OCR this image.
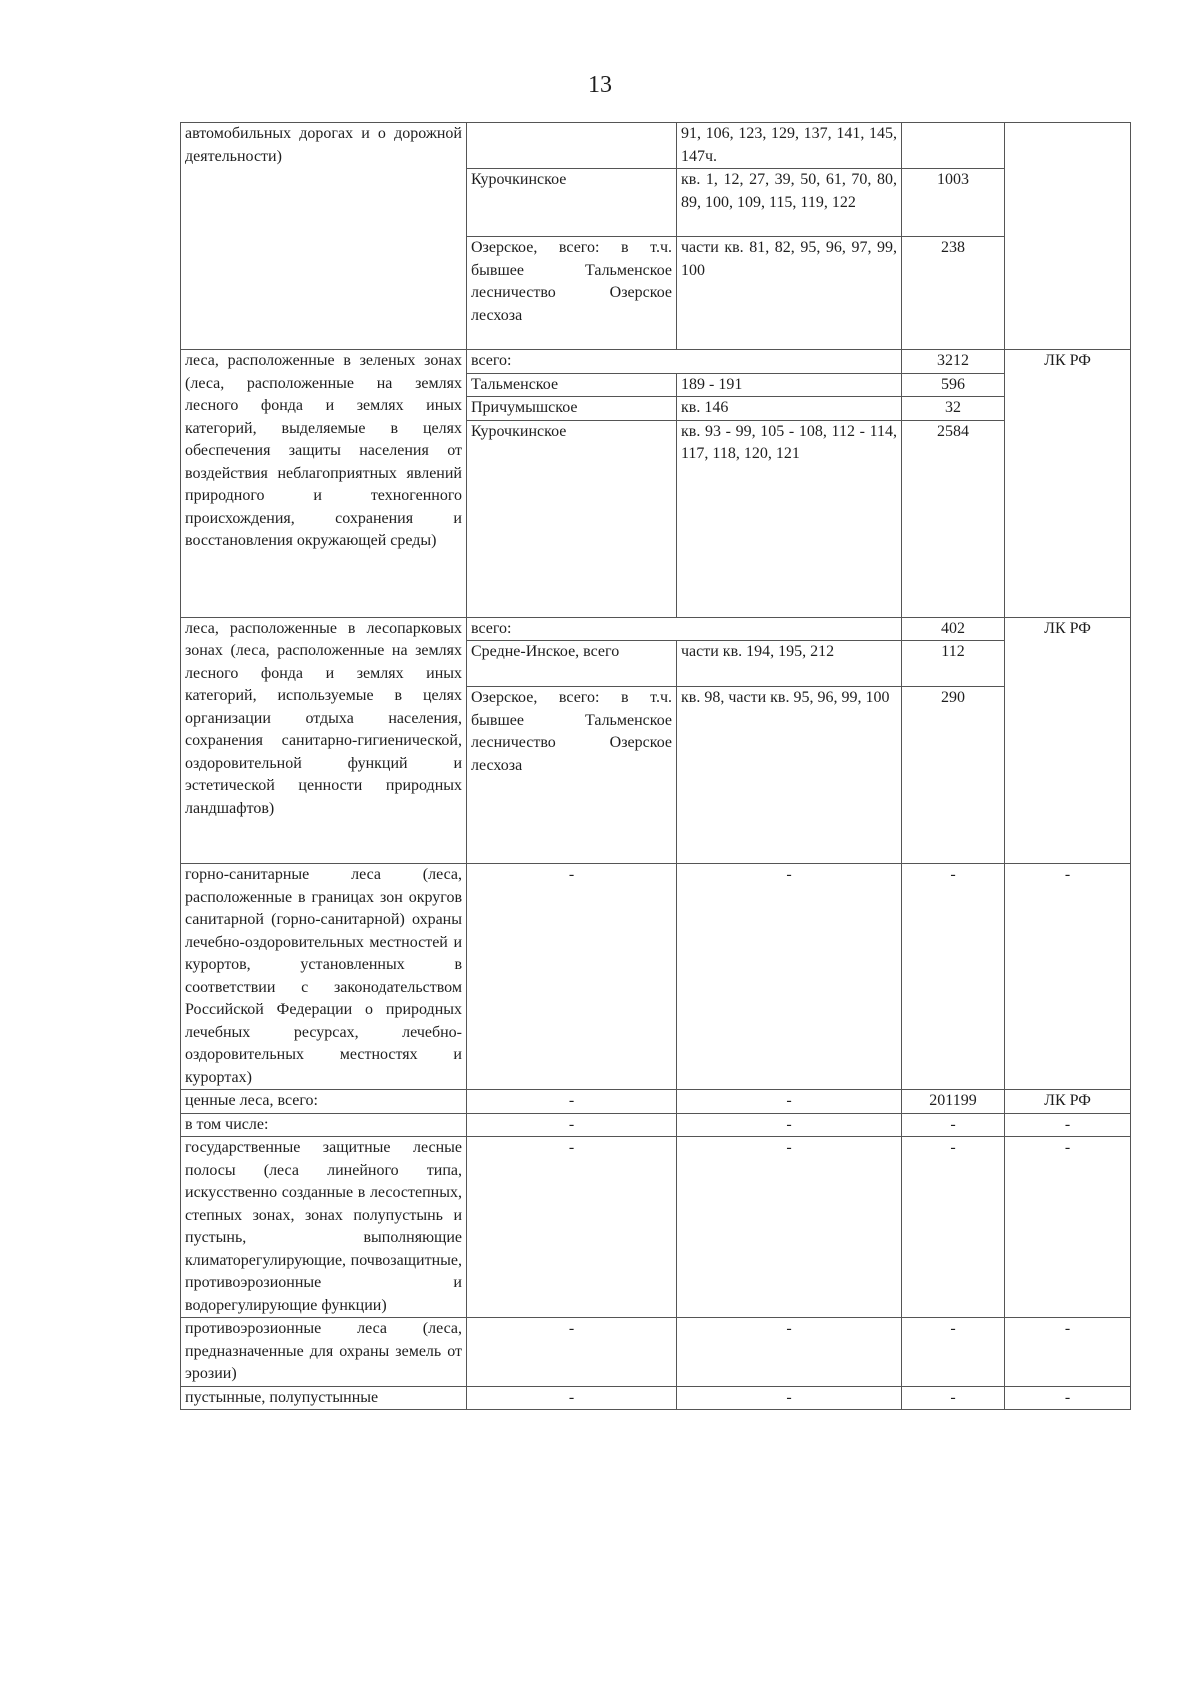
13
автомобильных дорогах и о дорожной деятельности)		91, 106, 123, 129, 137, 141, 145, 147ч.		
	Курочкинское	кв. 1, 12, 27, 39, 50, 61, 70, 80, 89, 100, 109, 115, 119, 122	1003	
	Озерское, всего: в т.ч. бывшее Тальменское лесничество Озерское лесхоза	части кв. 81, 82, 95, 96, 97, 99, 100	238	
леса, расположенные в зеленых зонах (леса, расположенные на землях лесного фонда и землях иных категорий, выделяемые в целях обеспечения защиты населения от воздействия неблагоприятных явлений природного и техногенного происхождения, сохранения и восстановления окружающей среды)	всего:		3212	ЛК РФ
	Тальменское	189 - 191	596	
	Причумышское	кв. 146	32	
	Курочкинское	кв. 93 - 99, 105 - 108, 112 - 114, 117, 118, 120, 121	2584	
леса, расположенные в лесопарковых зонах (леса, расположенные на землях лесного фонда и землях иных категорий, используемые в целях организации отдыха населения, сохранения санитарно-гигиенической, оздоровительной функций и эстетической ценности природных ландшафтов)	всего:		402	ЛК РФ
	Средне-Инское, всего	части кв. 194, 195, 212	112	
	Озерское, всего: в т.ч. бывшее Тальменское лесничество Озерское лесхоза	кв. 98, части кв. 95, 96, 99, 100	290	
горно-санитарные леса (леса, расположенные в границах зон округов санитарной (горно-санитарной) охраны лечебно-оздоровительных местностей и курортов, установленных в соответствии с законодательством Российской Федерации о природных лечебных ресурсах, лечебно-оздоровительных местностях и курортах)	-	-	-	-
ценные леса, всего:	-	-	201199	ЛК РФ
в том числе:	-	-	-	-
государственные защитные лесные полосы (леса линейного типа, искусственно созданные в лесостепных, степных зонах, зонах полупустынь и пустынь, выполняющие климаторегулирующие, почвозащитные, противоэрозионные и водорегулирующие функции)	-	-	-	-
противоэрозионные леса (леса, предназначенные для охраны земель от эрозии)	-	-	-	-
пустынные, полупустынные	-	-	-	-
